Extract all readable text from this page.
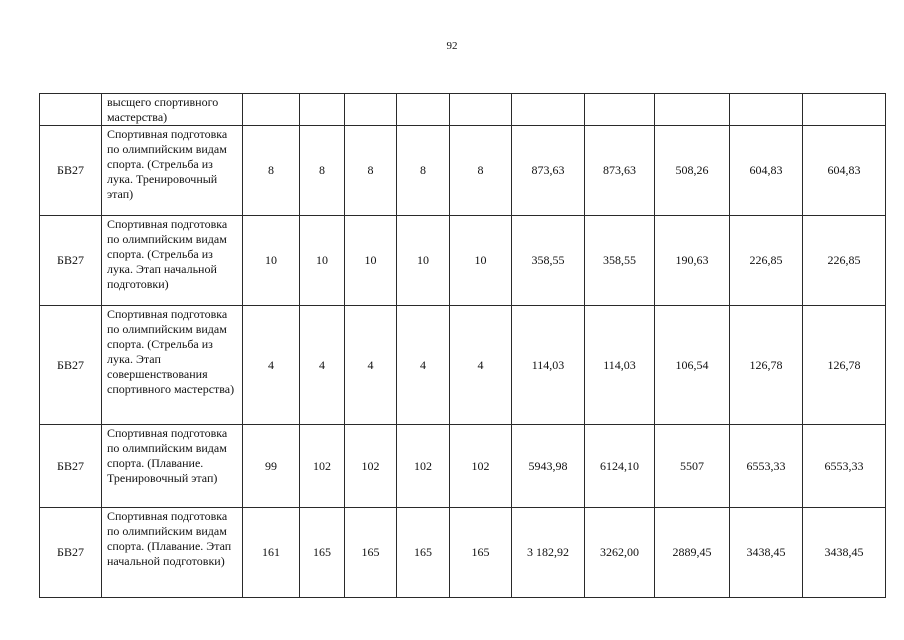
92
	высщего спортивного мастерства)										
БВ27	Спортивная подготовка по олимпийским видам спорта. (Стрельба из лука. Тренировочный этап)	8	8	8	8	8	873,63	873,63	508,26	604,83	604,83
БВ27	Спортивная подготовка по олимпийским видам спорта. (Стрельба из лука. Этап начальной подготовки)	10	10	10	10	10	358,55	358,55	190,63	226,85	226,85
БВ27	Спортивная подготовка по олимпийским видам спорта. (Стрельба из лука. Этап совершенствования спортивного мастерства)	4	4	4	4	4	114,03	114,03	106,54	126,78	126,78
БВ27	Спортивная подготовка по олимпийским видам спорта. (Плавание. Тренировочный этап)	99	102	102	102	102	5943,98	6124,10	5507	6553,33	6553,33
БВ27	Спортивная подготовка по олимпийским видам спорта. (Плавание. Этап начальной подготовки)	161	165	165	165	165	3 182,92	3262,00	2889,45	3438,45	3438,45
